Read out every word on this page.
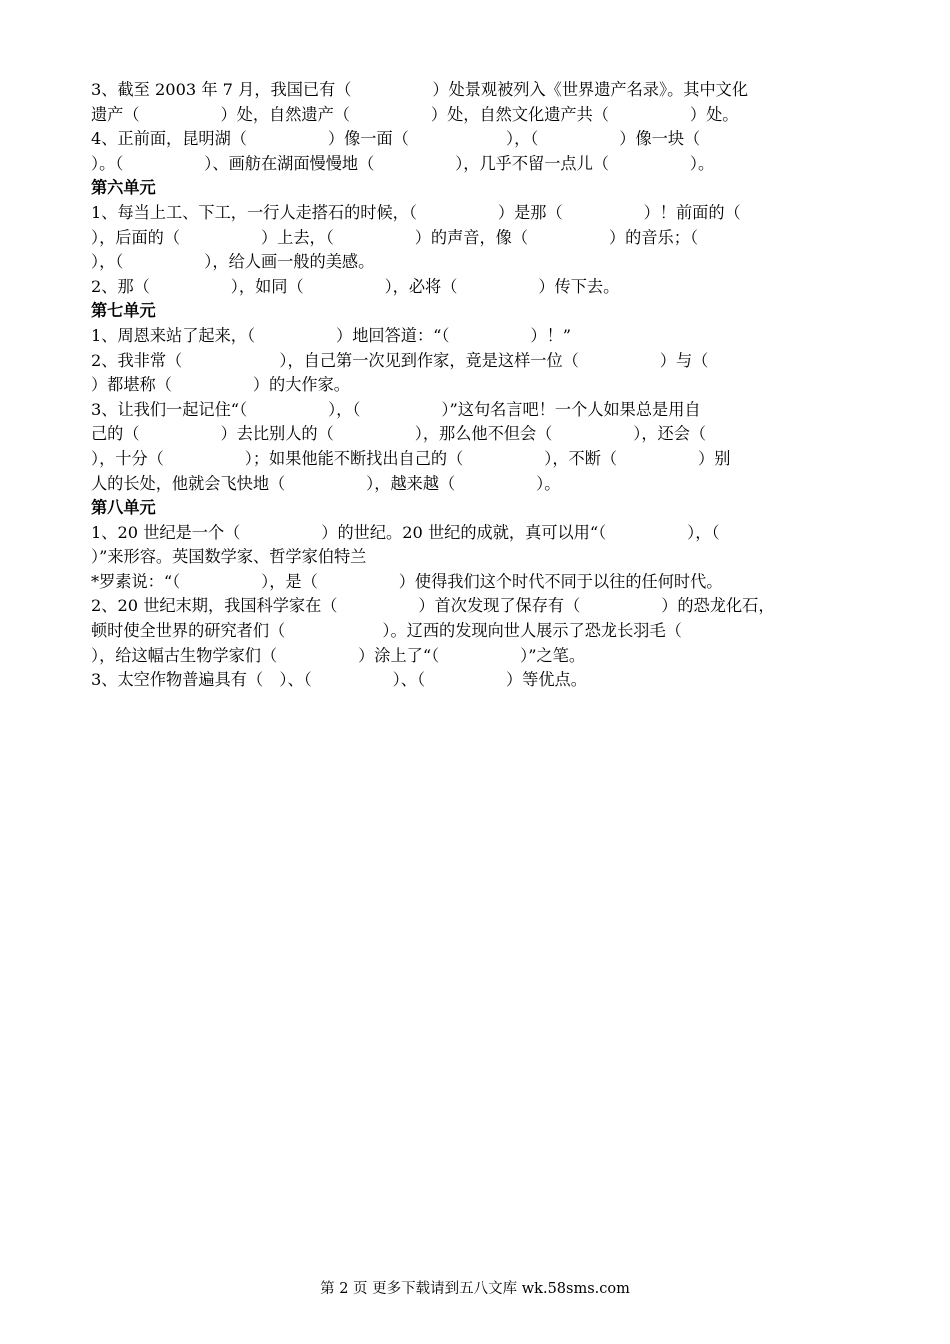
3、截至 2003 年 7 月，我国已有（　　　　　）处景观被列入《世界遗产名录》。其中文化
遗产（　　　　　）处，自然遗产（　　　　　）处，自然文化遗产共（　　　　　）处。
4、正前面，昆明湖（　　　　　）像一面（　　　　　　），（　　　　　）像一块（
）。（　　　　　）、画舫在湖面慢慢地（　　　　　），几乎不留一点儿（　　　　　）。
第六单元
1、每当上工、下工，一行人走搭石的时候，（　　　　　）是那（　　　　　）！前面的（
），后面的（　　　　　）上去，（　　　　　）的声音，像（　　　　　）的音乐；（
），（　　　　　），给人画一般的美感。
2、那（　　　　　），如同（　　　　　），必将（　　　　　）传下去。
第七单元
1、周恩来站了起来，（　　　　　）地回答道：“（　　　　　）！”
2、我非常（　　　　　　），自己第一次见到作家，竟是这样一位（　　　　　）与（
）都堪称（　　　　　）的大作家。
3、让我们一起记住“（　　　　　），（　　　　　）”这句名言吧！一个人如果总是用自
己的（　　　　　）去比别人的（　　　　　），那么他不但会（　　　　　），还会（
），十分（　　　　　）；如果他能不断找出自己的（　　　　　），不断（　　　　　）别
人的长处，他就会飞快地（　　　　　），越来越（　　　　　）。
第八单元
1、20 世纪是一个（　　　　　）的世纪。20 世纪的成就，真可以用“（　　　　　），（
）”来形容。英国数学家、哲学家伯特兰
*罗素说：“（　　　　　），是（　　　　　）使得我们这个时代不同于以往的任何时代。
2、20 世纪末期，我国科学家在（　　　　　）首次发现了保存有（　　　　　）的恐龙化石，
顿时使全世界的研究者们（　　　　　　）。辽西的发现向世人展示了恐龙长羽毛（
），给这幅古生物学家们（　　　　　）涂上了“（　　　　　）”之笔。
3、太空作物普遍具有（　）、（　　　　　）、（　　　　　）等优点。
第 2 页 更多下载请到五八文库 wk.58sms.com
